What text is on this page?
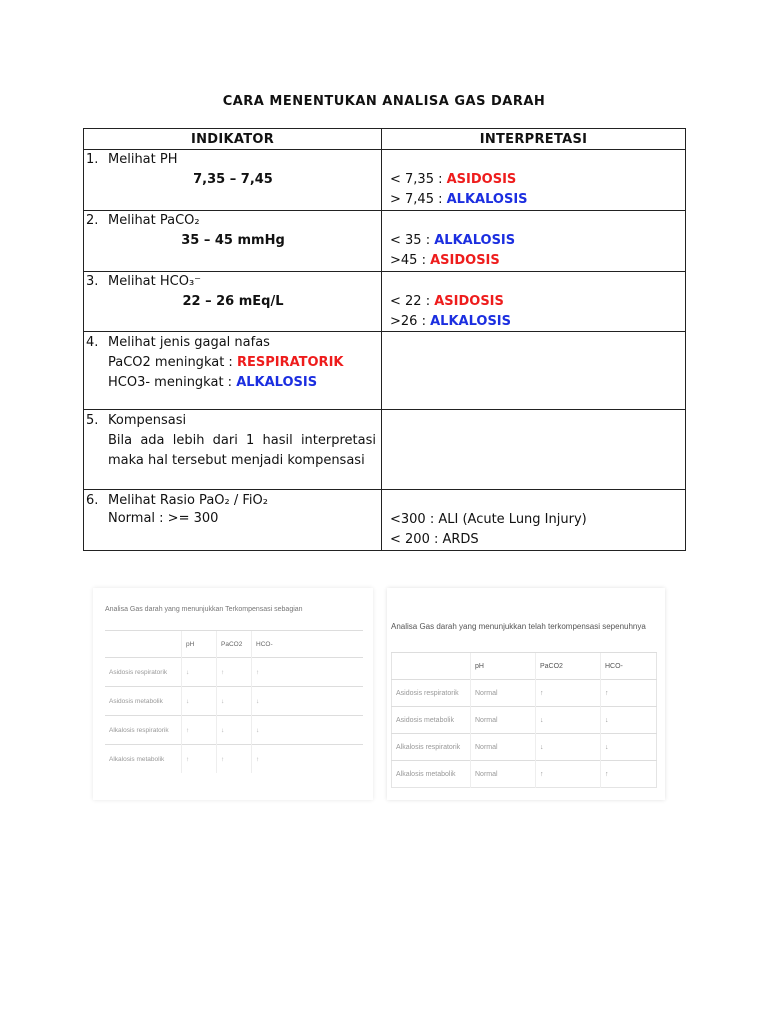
CARA MENENTUKAN ANALISA GAS DARAH
INDIKATOR	INTERPRETASI

1. Melihat PH
7,35 – 7,45	< 7,35 : ASIDOSIS
> 7,45 : ALKALOSIS

2. Melihat PaCO₂
35 – 45 mmHg	< 35 : ALKALOSIS
>45 : ASIDOSIS

3. Melihat HCO₃⁻
22 – 26 mEq/L	< 22 : ASIDOSIS
>26 : ALKALOSIS

4. Melihat jenis gagal nafas
PaCO2 meningkat : RESPIRATORIK
HCO3- meningkat : ALKALOSIS	

5. Kompensasi
Bila ada lebih dari 1 hasil interpretasi
maka hal tersebut menjadi kompensasi	

6. Melihat Rasio PaO₂ / FiO₂
Normal : >= 300	<300 : ALI (Acute Lung Injury)
< 200 : ARDS
Analisa Gas darah yang menunjukkan Terkompensasi sebagian
	pH	PaCO2	HCO-
Asidosis respiratorik	↓	↑	↑
Asidosis metabolik	↓	↓	↓
Alkalosis respiratorik	↑	↓	↓
Alkalosis metabolik	↑	↑	↑
Analisa Gas darah yang menunjukkan telah terkompensasi sepenuhnya
	pH	PaCO2	HCO-
Asidosis respiratorik	Normal	↑	↑
Asidosis metabolik	Normal	↓	↓
Alkalosis respiratorik	Normal	↓	↓
Alkalosis metabolik	Normal	↑	↑
